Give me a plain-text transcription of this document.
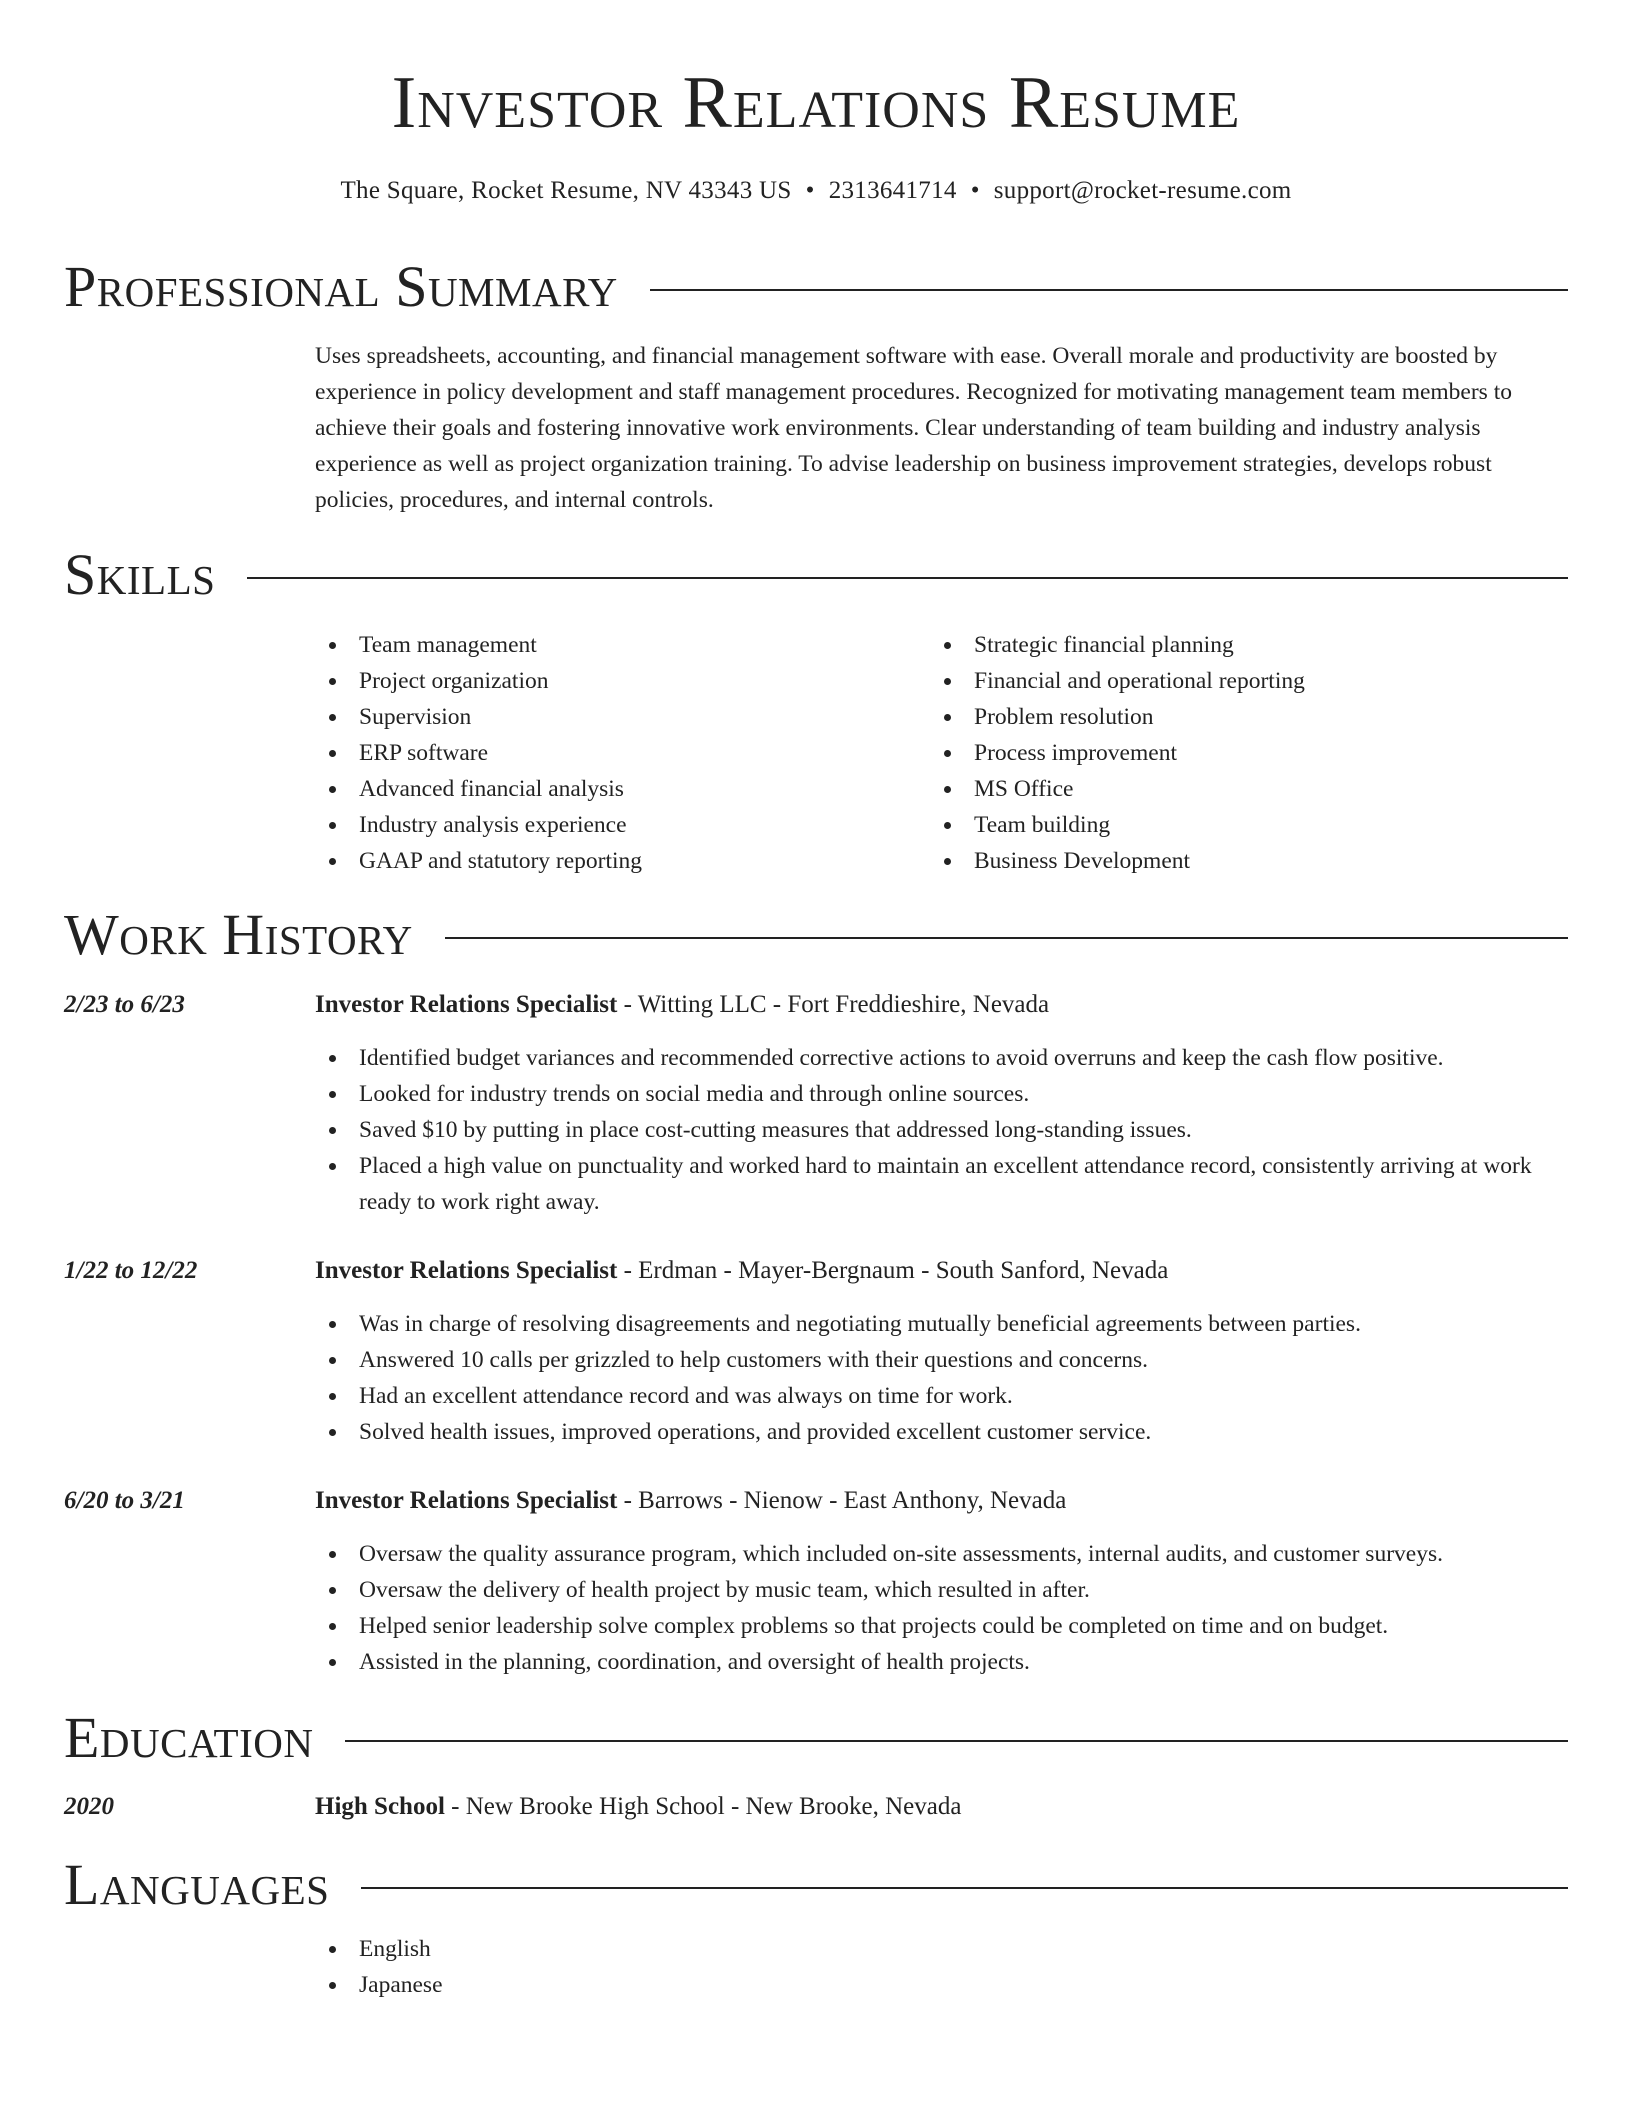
Investor Relations Resume
The Square, Rocket Resume, NV 43343 US • 2313641714 • support@rocket-resume.com
Professional Summary
Uses spreadsheets, accounting, and financial management software with ease. Overall morale and productivity are boosted by experience in policy development and staff management procedures. Recognized for motivating management team members to achieve their goals and fostering innovative work environments. Clear understanding of team building and industry analysis experience as well as project organization training. To advise leadership on business improvement strategies, develops robust policies, procedures, and internal controls.
Skills
Team management
Project organization
Supervision
ERP software
Advanced financial analysis
Industry analysis experience
GAAP and statutory reporting
Strategic financial planning
Financial and operational reporting
Problem resolution
Process improvement
MS Office
Team building
Business Development
Work History
2/23 to 6/23	Investor Relations Specialist - Witting LLC - Fort Freddieshire, Nevada
Identified budget variances and recommended corrective actions to avoid overruns and keep the cash flow positive.
Looked for industry trends on social media and through online sources.
Saved $10 by putting in place cost-cutting measures that addressed long-standing issues.
Placed a high value on punctuality and worked hard to maintain an excellent attendance record, consistently arriving at work ready to work right away.
1/22 to 12/22	Investor Relations Specialist - Erdman - Mayer-Bergnaum - South Sanford, Nevada
Was in charge of resolving disagreements and negotiating mutually beneficial agreements between parties.
Answered 10 calls per grizzled to help customers with their questions and concerns.
Had an excellent attendance record and was always on time for work.
Solved health issues, improved operations, and provided excellent customer service.
6/20 to 3/21	Investor Relations Specialist - Barrows - Nienow - East Anthony, Nevada
Oversaw the quality assurance program, which included on-site assessments, internal audits, and customer surveys.
Oversaw the delivery of health project by music team, which resulted in after.
Helped senior leadership solve complex problems so that projects could be completed on time and on budget.
Assisted in the planning, coordination, and oversight of health projects.
Education
2020	High School - New Brooke High School - New Brooke, Nevada
Languages
English
Japanese
